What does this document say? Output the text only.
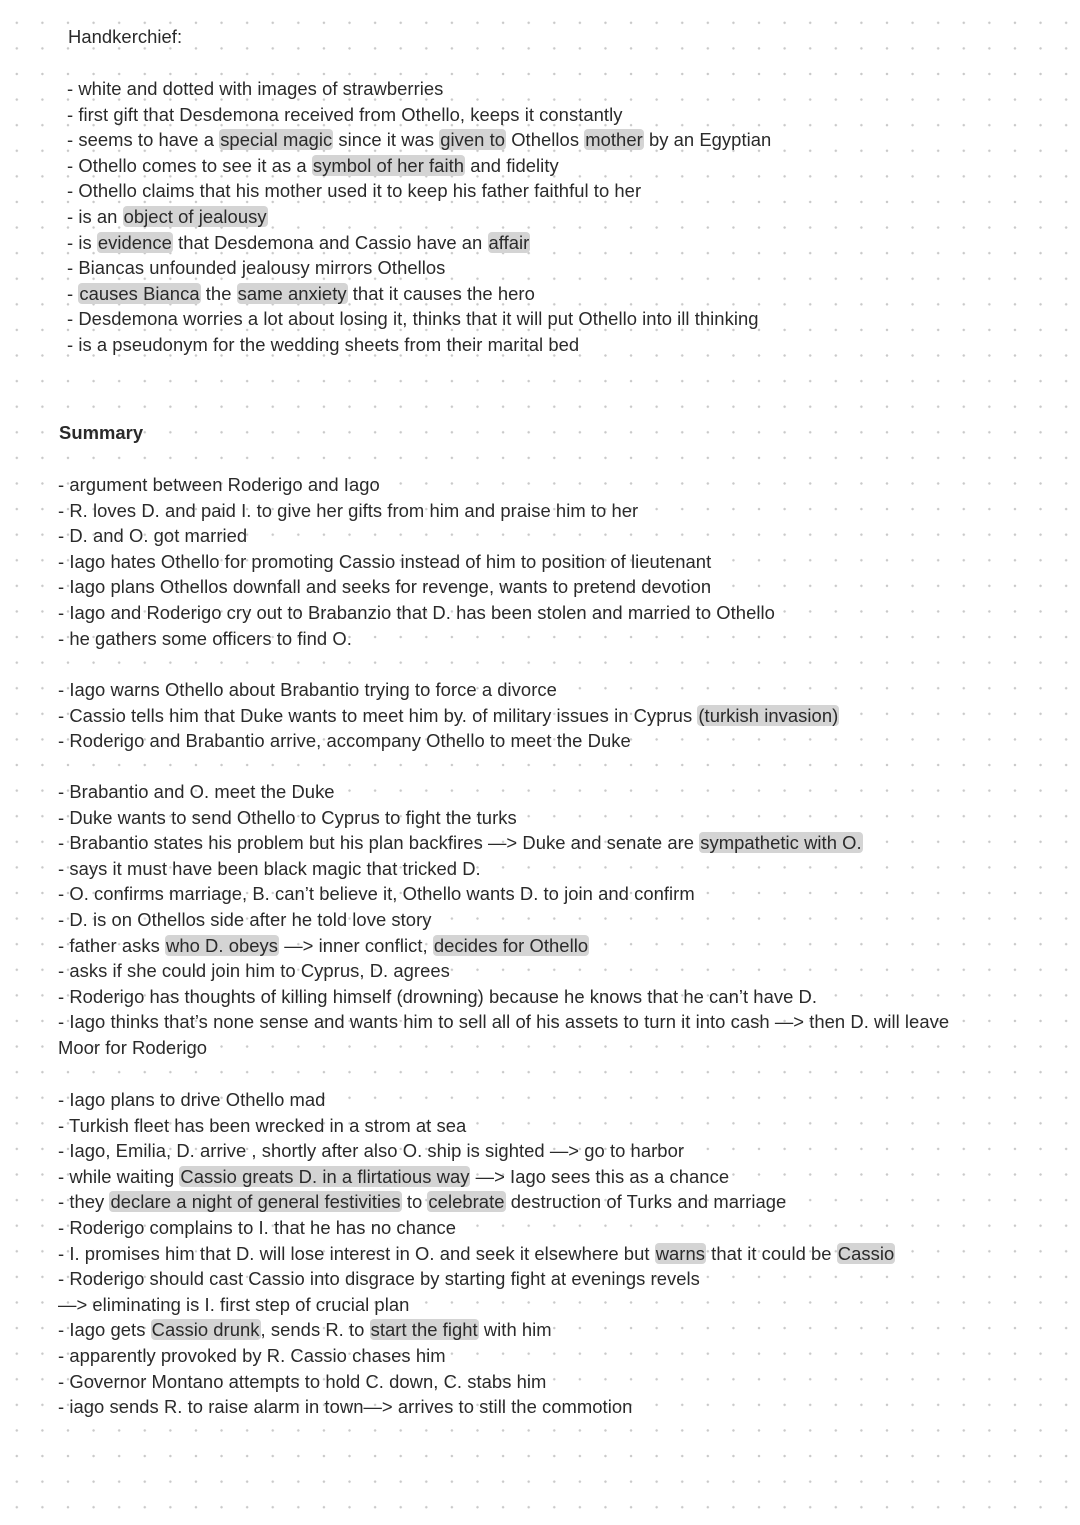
Handkerchief:
- white and dotted with images of strawberries
- first gift that Desdemona received from Othello, keeps it constantly
- seems to have a special magic since it was given to Othellos mother by an Egyptian
- Othello comes to see it as a symbol of her faith and fidelity
- Othello claims that his mother used it to keep his father faithful to her
- is an object of jealousy
- is evidence that Desdemona and Cassio have an affair
- Biancas unfounded jealousy mirrors Othellos
- causes Bianca the same anxiety that it causes the hero
- Desdemona worries a lot about losing it, thinks that it will put Othello into ill thinking
- is a pseudonym for the wedding sheets from their marital bed
Summary
- argument between Roderigo and Iago
- R. loves D. and paid I. to give her gifts from him and praise him to her
- D. and O. got married
- Iago hates Othello for promoting Cassio instead of him to position of lieutenant
- Iago plans Othellos downfall and seeks for revenge, wants to pretend devotion
- Iago and Roderigo cry out to Brabanzio that D. has been stolen and married to Othello
- he gathers some officers to find O.
- Iago warns Othello about Brabantio trying to force a divorce
- Cassio tells him that Duke wants to meet him by. of military issues in Cyprus (turkish invasion)
- Roderigo and Brabantio arrive, accompany Othello to meet the Duke
- Brabantio and O. meet the Duke
- Duke wants to send Othello to Cyprus to fight the turks
- Brabantio states his problem but his plan backfires —> Duke and senate are sympathetic with O.
- says it must have been black magic that tricked D.
- O. confirms marriage, B. can’t believe it, Othello wants D. to join and confirm
- D. is on Othellos side after he told love story
- father asks who D. obeys —> inner conflict, decides for Othello
- asks if she could join him to Cyprus, D. agrees
- Roderigo has thoughts of killing himself (drowning) because he knows that he can’t have D.
- Iago thinks that’s none sense and wants him to sell all of his assets to turn it into cash —> then D. will leave
Moor for Roderigo
- Iago plans to drive Othello mad
- Turkish fleet has been wrecked in a strom at sea
- Iago, Emilia, D. arrive , shortly after also O. ship is sighted —> go to harbor
- while waiting Cassio greats D. in a flirtatious way —> Iago sees this as a chance
- they declare a night of general festivities to celebrate destruction of Turks and marriage
- Roderigo complains to I. that he has no chance
- I. promises him that D. will lose interest in O. and seek it elsewhere but warns that it could be Cassio
- Roderigo should cast Cassio into disgrace by starting fight at evenings revels
—> eliminating is I. first step of crucial plan
- Iago gets Cassio drunk, sends R. to start the fight with him
- apparently provoked by R. Cassio chases him
- Governor Montano attempts to hold C. down, C. stabs him
- iago sends R. to raise alarm in town—> arrives to still the commotion
